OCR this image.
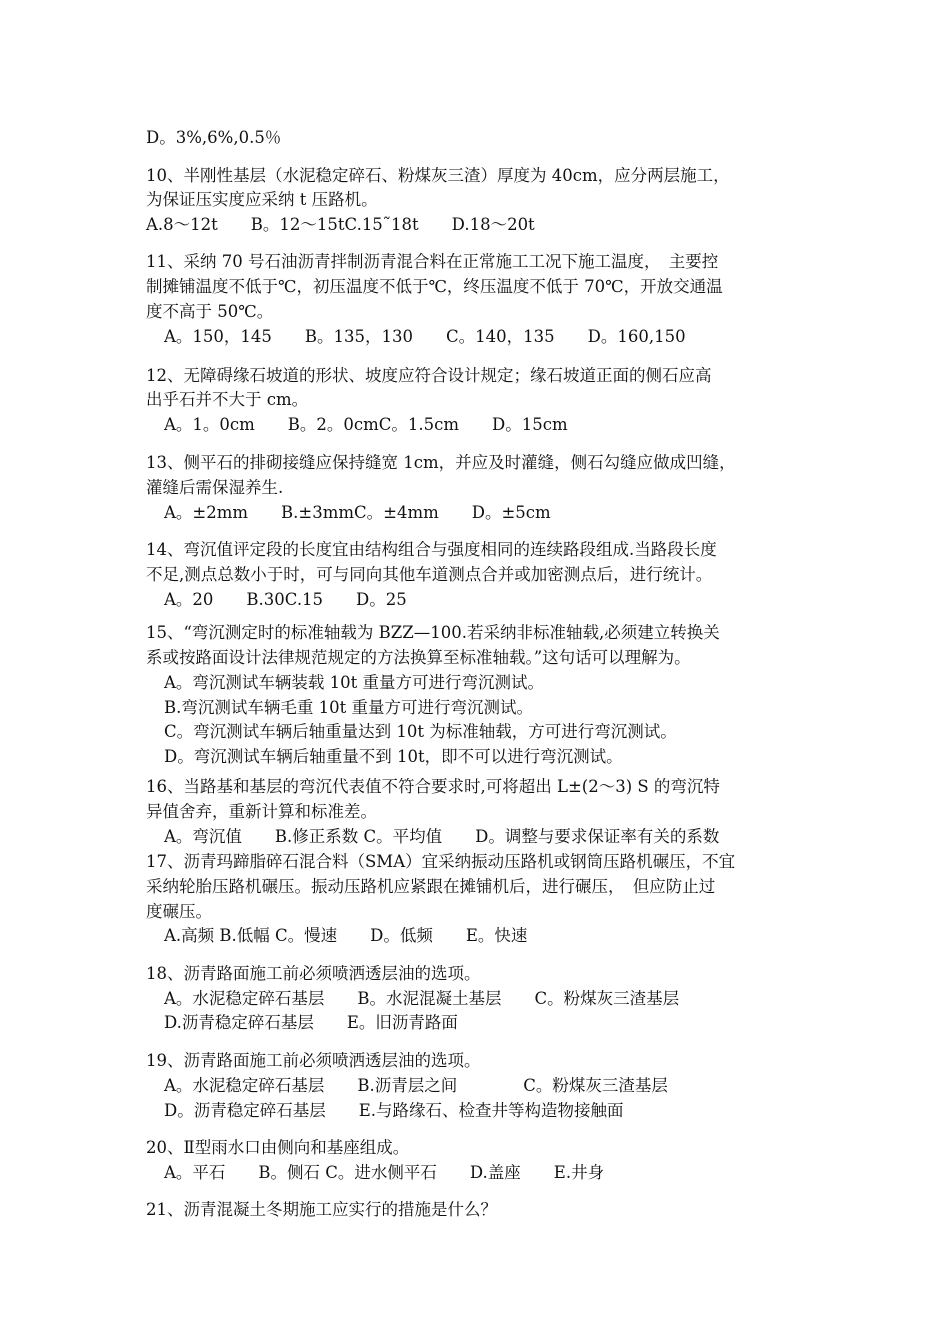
D。3%,6%,0.5％
10、半刚性基层（水泥稳定碎石、粉煤灰三渣）厚度为 40cm，应分两层施工，
为保证压实度应采纳 t 压路机。
A.8～12t　　B。12～15tC.15˜18t　　D.18～20t
11、采纳 70 号石油沥青拌制沥青混合料在正常施工工况下施工温度，　主要控
制摊铺温度不低于℃，初压温度不低于℃，终压温度不低于 70℃，开放交通温
度不高于 50℃。
A。150，145　　B。135，130　　C。140，135　　D。160,150
12、无障碍缘石坡道的形状、坡度应符合设计规定；缘石坡道正面的侧石应高
出乎石并不大于 cm。
A。1。0cm　　B。2。0cmC。1.5cm　　D。15cm
13、侧平石的排砌接缝应保持缝宽 1cm，并应及时灌缝，侧石勾缝应做成凹缝，
灌缝后需保湿养生.
A。±2mm　　B.±3mmC。±4mm　　D。±5cm
14、弯沉值评定段的长度宜由结构组合与强度相同的连续路段组成.当路段长度
不足,测点总数小于时，可与同向其他车道测点合并或加密测点后，进行统计。
A。20　　B.30C.15　　D。25
15、“弯沉测定时的标准轴载为 BZZ—100.若采纳非标准轴载,必须建立转换关
系或按路面设计法律规范规定的方法换算至标准轴载。”这句话可以理解为。
A。弯沉测试车辆装载 10t 重量方可进行弯沉测试。
B.弯沉测试车辆毛重 10t 重量方可进行弯沉测试。
C。弯沉测试车辆后轴重量达到 10t 为标准轴载，方可进行弯沉测试。
D。弯沉测试车辆后轴重量不到 10t，即不可以进行弯沉测试。
16、当路基和基层的弯沉代表值不符合要求时,可将超出 L±(2～3) S 的弯沉特
异值舍弃，重新计算和标准差。
A。弯沉值　　B.修正系数 C。平均值　　D。调整与要求保证率有关的系数
17、沥青玛蹄脂碎石混合料（SMA）宜采纳振动压路机或钢筒压路机碾压，不宜
采纳轮胎压路机碾压。振动压路机应紧跟在摊铺机后，进行碾压，　但应防止过
度碾压。
A.高频 B.低幅 C。慢速　　D。低频　　E。快速
18、沥青路面施工前必须喷洒透层油的选项。
A。水泥稳定碎石基层　　B。水泥混凝土基层　　C。粉煤灰三渣基层
D.沥青稳定碎石基层　　E。旧沥青路面
19、沥青路面施工前必须喷洒透层油的选项。
A。水泥稳定碎石基层　　B.沥青层之间　　　　C。粉煤灰三渣基层
D。沥青稳定碎石基层　　E.与路缘石、检查井等构造物接触面
20、Ⅱ型雨水口由侧向和基座组成。
A。平石　　B。侧石 C。进水侧平石　　D.盖座　　E.井身
21、沥青混凝土冬期施工应实行的措施是什么？
